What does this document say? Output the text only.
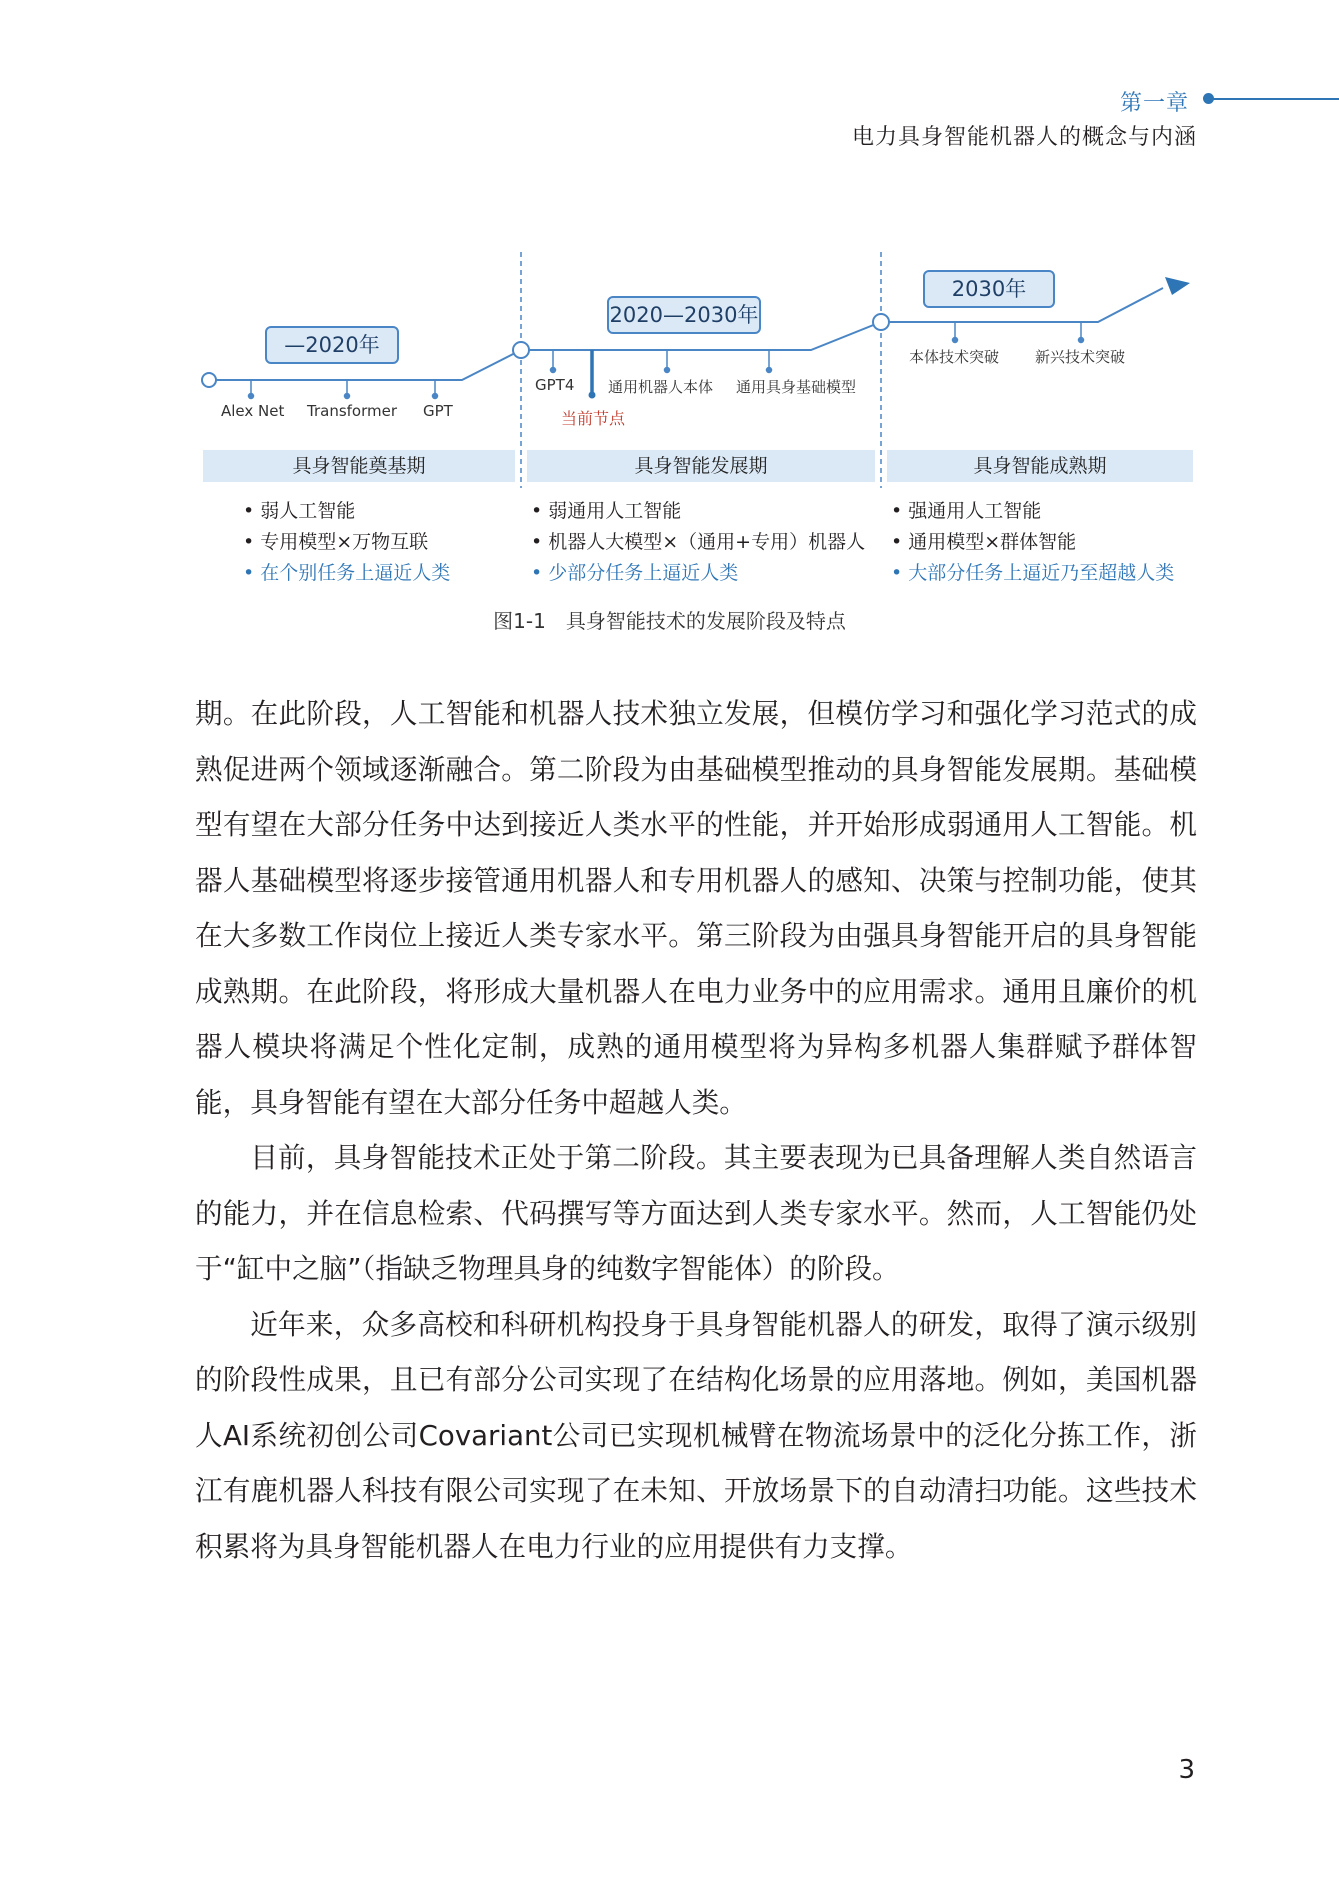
第一章
电力具身智能机器人的概念与内涵
—2020年
2020—2030年
2030年
Alex Net Transformer GPT
GPT4 通用机器人本体 通用具身基础模型
当前节点
本体技术突破 新兴技术突破
具身智能奠基期	具身智能发展期	具身智能成熟期
• 弱人工智能
• 专用模型×万物互联
• 在个别任务上逼近人类
• 弱通用人工智能
• 机器人大模型×（通用+专用）机器人
• 少部分任务上逼近人类
• 强通用人工智能
• 通用模型×群体智能
• 大部分任务上逼近乃至超越人类
图1-1　具身智能技术的发展阶段及特点

期。在此阶段，人工智能和机器人技术独立发展，但模仿学习和强化学习范式的成熟促进两个领域逐渐融合。第二阶段为由基础模型推动的具身智能发展期。基础模型有望在大部分任务中达到接近人类水平的性能，并开始形成弱通用人工智能。机器人基础模型将逐步接管通用机器人和专用机器人的感知、决策与控制功能，使其在大多数工作岗位上接近人类专家水平。第三阶段为由强具身智能开启的具身智能成熟期。在此阶段，将形成大量机器人在电力业务中的应用需求。通用且廉价的机器人模块将满足个性化定制，成熟的通用模型将为异构多机器人集群赋予群体智能，具身智能有望在大部分任务中超越人类。

目前，具身智能技术正处于第二阶段。其主要表现为已具备理解人类自然语言的能力，并在信息检索、代码撰写等方面达到人类专家水平。然而，人工智能仍处于“缸中之脑”（指缺乏物理具身的纯数字智能体）的阶段。

近年来，众多高校和科研机构投身于具身智能机器人的研发，取得了演示级别的阶段性成果，且已有部分公司实现了在结构化场景的应用落地。例如，美国机器人AI系统初创公司Covariant公司已实现机械臂在物流场景中的泛化分拣工作，浙江有鹿机器人科技有限公司实现了在未知、开放场景下的自动清扫功能。这些技术积累将为具身智能机器人在电力行业的应用提供有力支撑。

3
